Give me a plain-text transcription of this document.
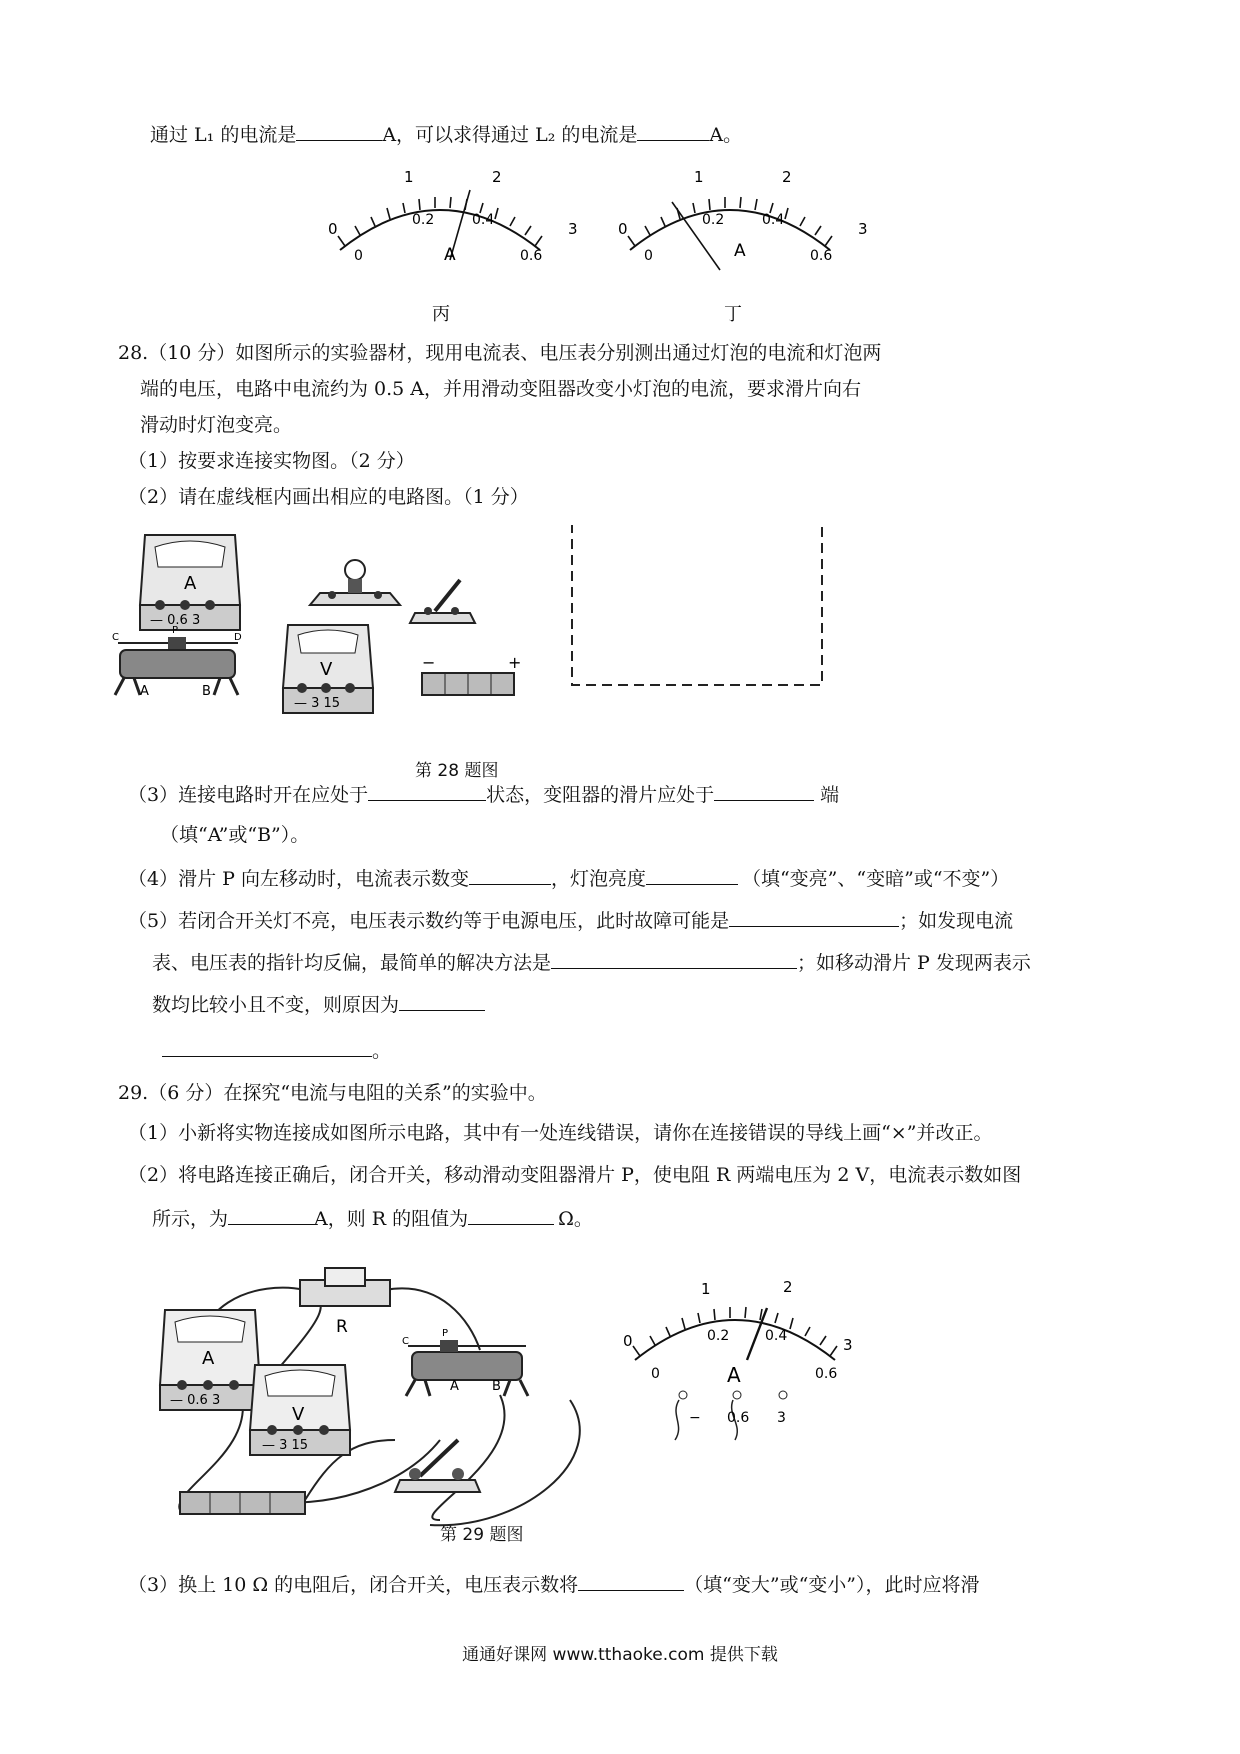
通过 L₁ 的电流是	A，可以求得通过 L₂ 的电流是	A。
0
1	2
3
0
0.2	0.4
0.6
A
丙
0
1	2
3
0
0.2	0.4
0.6
A
丁
28.（10 分）如图所示的实验器材，现用电流表、电压表分别测出通过灯泡的电流和灯泡两
端的电压，电路中电流约为 0.5 A，并用滑动变阻器改变小灯泡的电流，要求滑片向右
滑动时灯泡变亮。
（1）按要求连接实物图。（2 分）
（2）请在虚线框内画出相应的电路图。（1 分）
A
— 0.6 3
A	B
C
P
D
V
— 3 15
−	+
第 28 题图
（3）连接电路时开在应处于	状态，变阻器的滑片应处于	端
（填“A”或“B”）。
（4）滑片 P 向左移动时，电流表示数变	，灯泡亮度	（填“变亮”、“变暗”或“不变”）
（5）若闭合开关灯不亮，电压表示数约等于电源电压，此时故障可能是	；如发现电流
表、电压表的指针均反偏，最简单的解决方法是	；如移动滑片 P 发现两表示
数均比较小且不变，则原因为
。
29.（6 分）在探究“电流与电阻的关系”的实验中。
（1）小新将实物连接成如图所示电路，其中有一处连线错误，请你在连接错误的导线上画“×”并改正。
（2）将电路连接正确后，闭合开关，移动滑动变阻器滑片 P，使电阻 R 两端电压为 2 V，电流表示数如图
所示，为	A，则 R 的阻值为	Ω。
R
A
— 0.6 3
V
— 3 15
A	B
C
P	0
1	2
3
0
0.2	0.4
0.6
A
− 0.6 3
第 29 题图
（3）换上 10 Ω 的电阻后，闭合开关，电压表示数将	（填“变大”或“变小”），此时应将滑
通通好课网 www.tthaoke.com 提供下载
